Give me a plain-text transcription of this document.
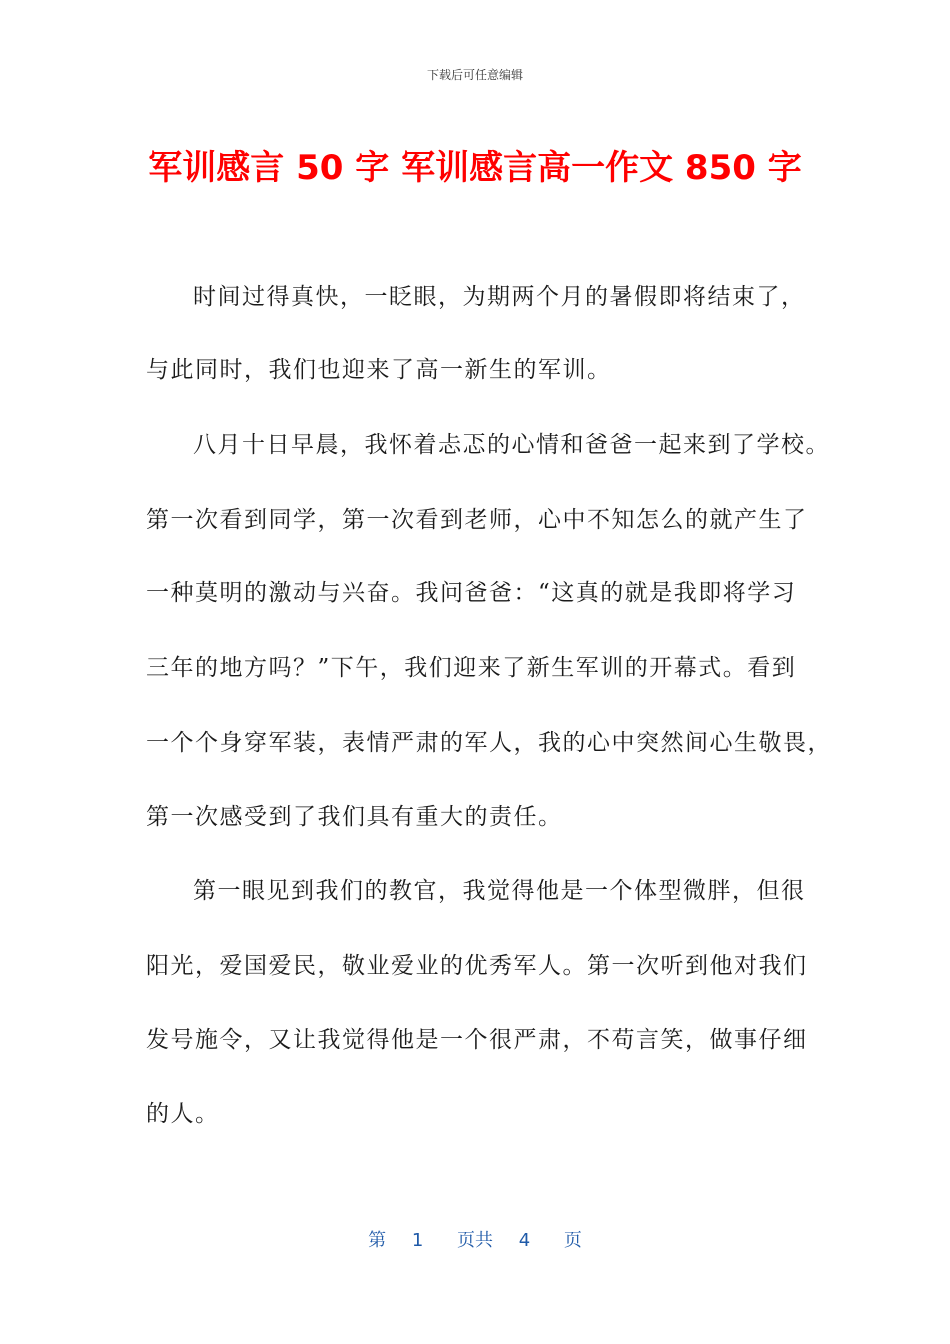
下载后可任意编辑
军训感言 50 字 军训感言高一作文 850 字
时间过得真快，一眨眼，为期两个月的暑假即将结束了，
与此同时，我们也迎来了高一新生的军训。
八月十日早晨，我怀着忐忑的心情和爸爸一起来到了学校。
第一次看到同学，第一次看到老师，心中不知怎么的就产生了
一种莫明的激动与兴奋。我问爸爸：“这真的就是我即将学习
三年的地方吗？”下午，我们迎来了新生军训的开幕式。看到
一个个身穿军装，表情严肃的军人，我的心中突然间心生敬畏，
第一次感受到了我们具有重大的责任。
第一眼见到我们的教官，我觉得他是一个体型微胖，但很
阳光，爱国爱民，敬业爱业的优秀军人。第一次听到他对我们
发号施令，又让我觉得他是一个很严肃，不苟言笑，做事仔细
的人。
第 1 页共 4 页
